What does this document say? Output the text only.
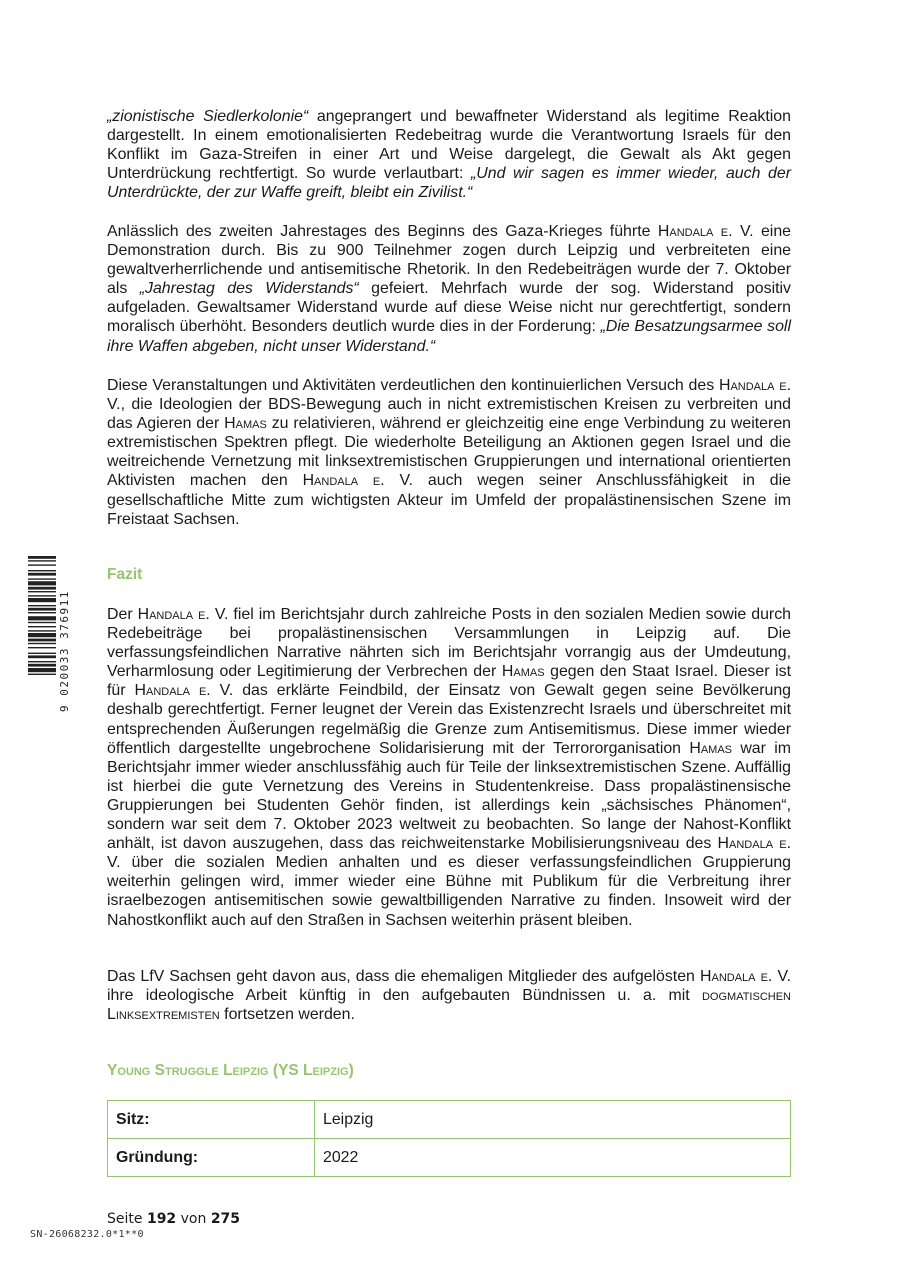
„zionistische Siedlerkolonie“ angeprangert und bewaffneter Widerstand als legitime Reaktion dargestellt. In einem emotionalisierten Redebeitrag wurde die Verantwortung Israels für den Konflikt im Gaza-Streifen in einer Art und Weise dargelegt, die Gewalt als Akt gegen Unterdrückung rechtfertigt. So wurde verlautbart: „Und wir sagen es immer wieder, auch der Unterdrückte, der zur Waffe greift, bleibt ein Zivilist.“

Anlässlich des zweiten Jahrestages des Beginns des Gaza-Krieges führte Handala e. V. eine Demonstration durch. Bis zu 900 Teilnehmer zogen durch Leipzig und verbreiteten eine gewaltverherrlichende und antisemitische Rhetorik. In den Redebeiträgen wurde der 7. Oktober als „Jahrestag des Widerstands“ gefeiert. Mehrfach wurde der sog. Widerstand positiv aufgeladen. Gewaltsamer Widerstand wurde auf diese Weise nicht nur gerechtfertigt, sondern moralisch überhöht. Besonders deutlich wurde dies in der Forderung: „Die Besatzungsarmee soll ihre Waffen abgeben, nicht unser Widerstand.“

Diese Veranstaltungen und Aktivitäten verdeutlichen den kontinuierlichen Versuch des Handala e. V., die Ideologien der BDS-Bewegung auch in nicht extremistischen Kreisen zu verbreiten und das Agieren der Hamas zu relativieren, während er gleichzeitig eine enge Verbindung zu weiteren extremistischen Spektren pflegt. Die wiederholte Beteiligung an Aktionen gegen Israel und die weitreichende Vernetzung mit linksextremistischen Gruppierungen und international orientierten Aktivisten machen den Handala e. V. auch wegen seiner Anschlussfähigkeit in die gesellschaftliche Mitte zum wichtigsten Akteur im Umfeld der propalästinensischen Szene im Freistaat Sachsen.

Fazit

Der Handala e. V. fiel im Berichtsjahr durch zahlreiche Posts in den sozialen Medien sowie durch Redebeiträge bei propalästinensischen Versammlungen in Leipzig auf. Die verfassungsfeindlichen Narrative nährten sich im Berichtsjahr vorrangig aus der Umdeutung, Verharmlosung oder Legitimierung der Verbrechen der Hamas gegen den Staat Israel. Dieser ist für Handala e. V. das erklärte Feindbild, der Einsatz von Gewalt gegen seine Bevölkerung deshalb gerechtfertigt. Ferner leugnet der Verein das Existenzrecht Israels und überschreitet mit entsprechenden Äußerungen regelmäßig die Grenze zum Antisemitismus. Diese immer wieder öffentlich dargestellte ungebrochene Solidarisierung mit der Terrororganisation Hamas war im Berichtsjahr immer wieder anschlussfähig auch für Teile der linksextremistischen Szene. Auffällig ist hierbei die gute Vernetzung des Vereins in Studentenkreise. Dass propalästinensische Gruppierungen bei Studenten Gehör finden, ist allerdings kein „sächsisches Phänomen“, sondern war seit dem 7. Oktober 2023 weltweit zu beobachten. So lange der Nahost-Konflikt anhält, ist davon auszugehen, dass das reichweitenstarke Mobilisierungsniveau des Handala e. V. über die sozialen Medien anhalten und es dieser verfassungsfeindlichen Gruppierung weiterhin gelingen wird, immer wieder eine Bühne mit Publikum für die Verbreitung ihrer israelbezogen antisemitischen sowie gewaltbilligenden Narrative zu finden. Insoweit wird der Nahostkonflikt auch auf den Straßen in Sachsen weiterhin präsent bleiben.

Das LfV Sachsen geht davon aus, dass die ehemaligen Mitglieder des aufgelösten Handala e. V. ihre ideologische Arbeit künftig in den aufgebauten Bündnissen u. a. mit dogmatischen Linksextremisten fortsetzen werden.

Young Struggle Leipzig (YS Leipzig)
Sitz:	Leipzig
Gründung:	2022
Seite 192 von 275
SN-26068232.0*1**0
9 020033 376911
